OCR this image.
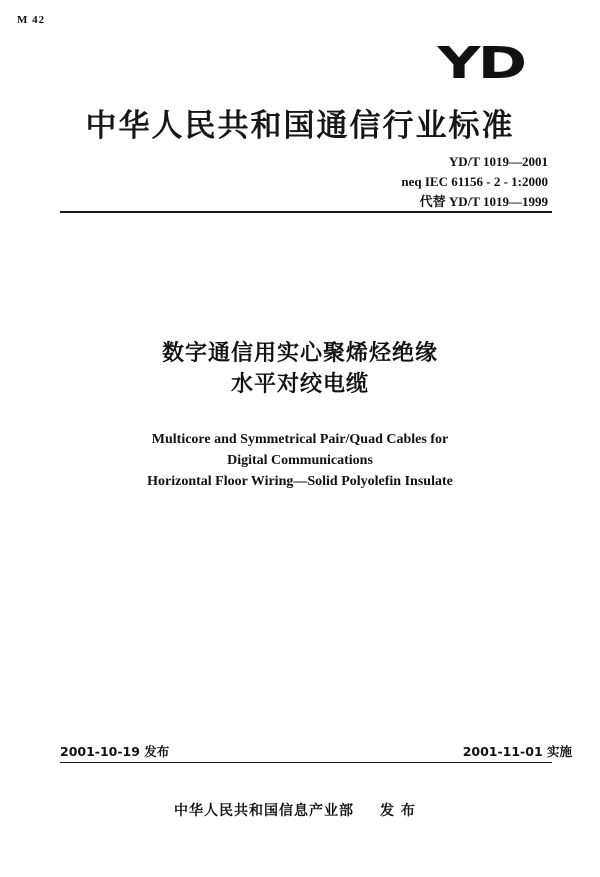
M 42
YD
中华人民共和国通信行业标准
YD/T 1019—2001
neq IEC 61156 - 2 - 1:2000
代替 YD/T 1019—1999
数字通信用实心聚烯烃绝缘
水平对绞电缆
Multicore and Symmetrical Pair/Quad Cables for
Digital Communications
Horizontal Floor Wiring—Solid Polyolefin Insulate
2001-10-19 发布	2001-11-01 实施
中华人民共和国信息产业部 发 布
